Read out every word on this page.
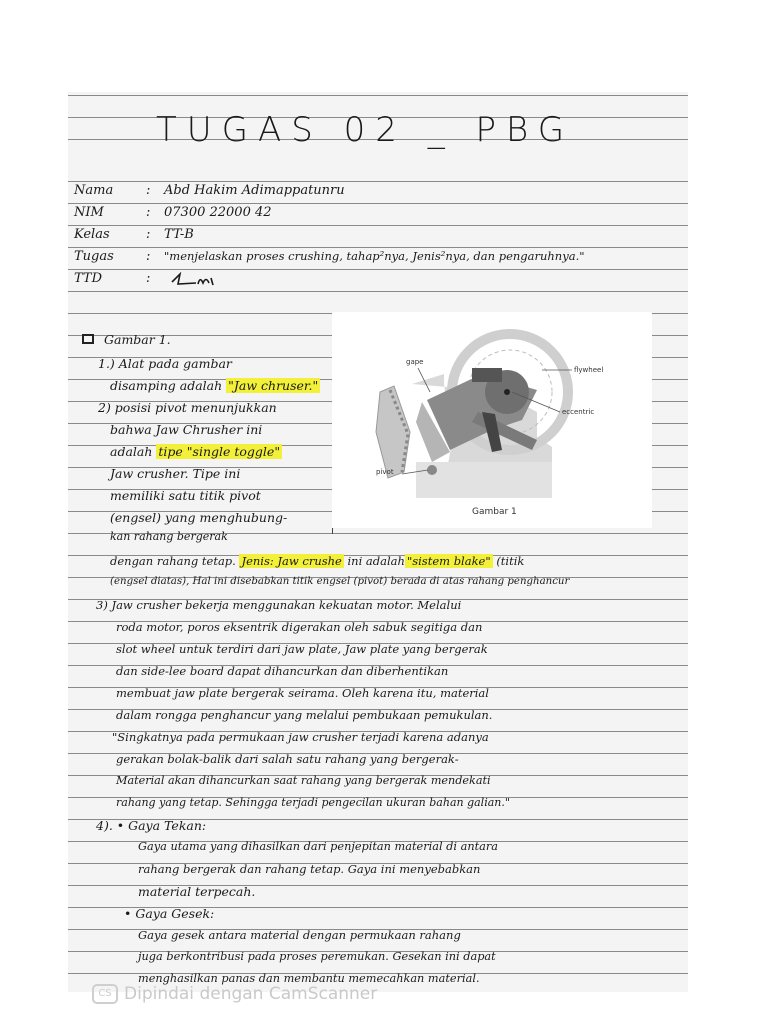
TUGAS 02 _ PBG
Nama	: Abd Hakim Adimappatunru
NIM	: 07300 22000 42
Kelas	: TT-B
Tugas : "menjelaskan proses crushing, tahap²nya, Jenis²nya, dan pengaruhnya."
TTD	:
Gambar 1.
1.) Alat pada gambar
disamping adalah "Jaw chruser."
2) posisi pivot menunjukkan
bahwa Jaw Chrusher ini
adalah tipe "single toggle"
Jaw crusher. Tipe ini
memiliki satu titik pivot
(engsel) yang menghubung-
kan rahang bergerak
dengan rahang tetap. Jenis: Jaw crushe ini adalah "sistem blake" (titik
(engsel diatas), Hal ini disebabkan titik engsel (pivot) berada di atas rahang penghancur
3) Jaw crusher bekerja menggunakan kekuatan motor. Melalui
roda motor, poros eksentrik digerakan oleh sabuk segitiga dan
slot wheel untuk terdiri dari jaw plate, Jaw plate yang bergerak
dan side-lee board dapat dihancurkan dan diberhentikan
membuat jaw plate bergerak seirama. Oleh karena itu, material
dalam rongga penghancur yang melalui pembukaan pemukulan.
"Singkatnya pada permukaan jaw crusher terjadi karena adanya
gerakan bolak-balik dari salah satu rahang yang bergerak-
Material akan dihancurkan saat rahang yang bergerak mendekati
rahang yang tetap. Sehingga terjadi pengecilan ukuran bahan galian."
4). • Gaya Tekan:
Gaya utama yang dihasilkan dari penjepitan material di antara
rahang bergerak dan rahang tetap. Gaya ini menyebabkan
material terpecah.
• Gaya Gesek:
Gaya gesek antara material dengan permukaan rahang
juga berkontribusi pada proses peremukan. Gesekan ini dapat
menghasilkan panas dan membantu memecahkan material.
gape
flywheel
eccentric
pivot
Gambar 1
CS Dipindai dengan CamScanner
